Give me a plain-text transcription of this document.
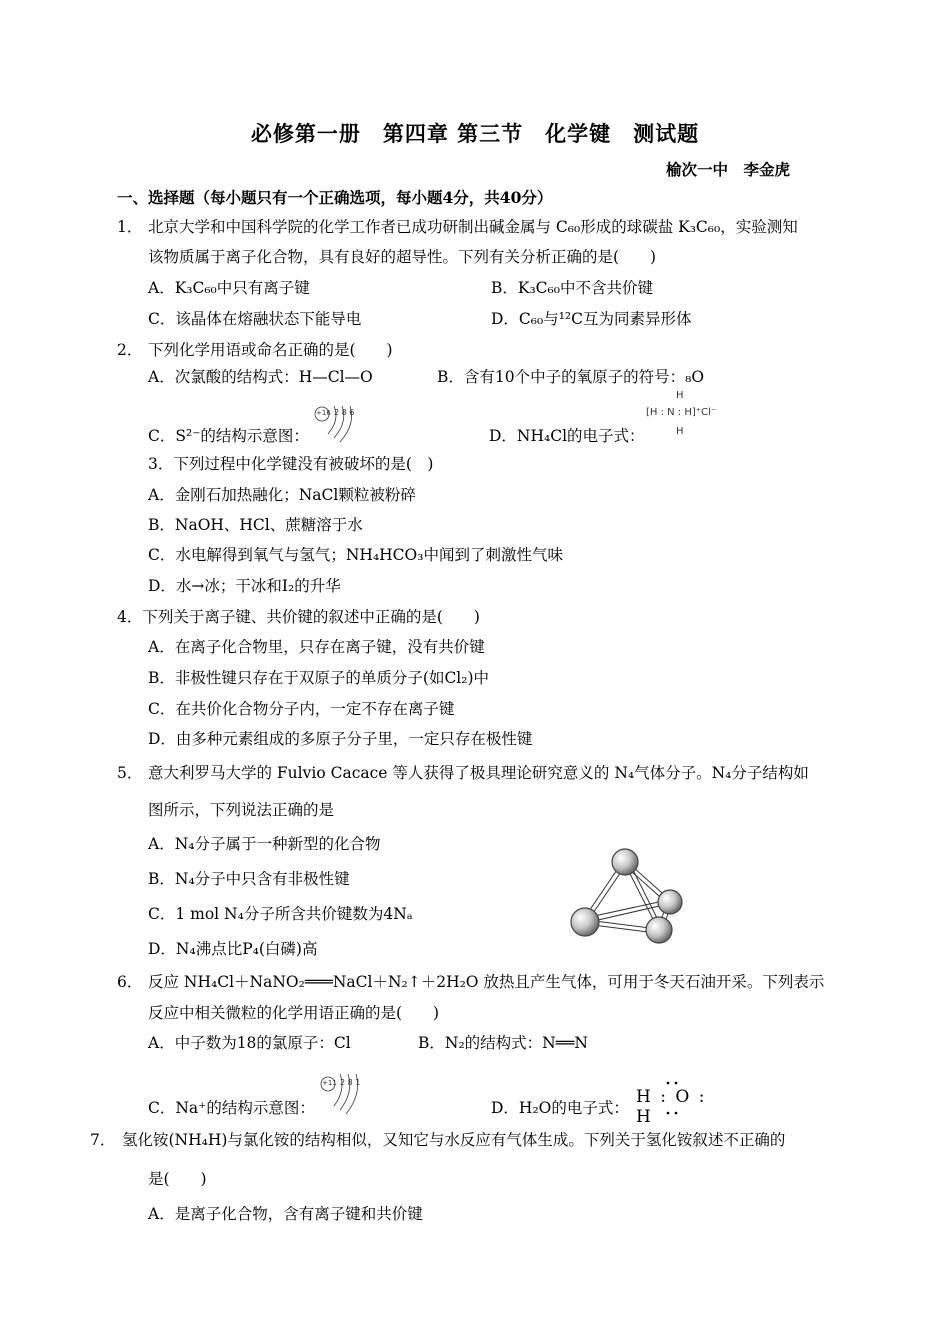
必修第一册　第四章 第三节　化学键　测试题
榆次一中　李金虎
一、选择题（每小题只有一个正确选项，每小题4分，共40分）
1． 北京大学和中国科学院的化学工作者已成功研制出碱金属与 C₆₀形成的球碳盐 K₃C₆₀，实验测知
该物质属于离子化合物，具有良好的超导性。下列有关分析正确的是(　　)
A．K₃C₆₀中只有离子键	B．K₃C₆₀中不含共价键
C．该晶体在熔融状态下能导电	D．C₆₀与¹²C互为同素异形体
2． 下列化学用语或命名正确的是(　　)
A．次氯酸的结构式：H—Cl—O	B．含有10个中子的氧原子的符号：₈O
C．S²⁻的结构示意图：
+16 2 8 6
D．NH₄Cl的电子式：
H
[H : N : H]⁺Cl⁻
H
3．下列过程中化学键没有被破坏的是(　)
A．金刚石加热融化；NaCl颗粒被粉碎
B．NaOH、HCl、蔗糖溶于水
C．水电解得到氧气与氢气；NH₄HCO₃中闻到了刺激性气味
D．水→冰；干冰和I₂的升华
4．下列关于离子键、共价键的叙述中正确的是(　　)
A．在离子化合物里，只存在离子键，没有共价键
B．非极性键只存在于双原子的单质分子(如Cl₂)中
C．在共价化合物分子内，一定不存在离子键
D．由多种元素组成的多原子分子里，一定只存在极性键
5． 意大利罗马大学的 Fulvio Cacace 等人获得了极具理论研究意义的 N₄气体分子。N₄分子结构如
图所示，下列说法正确的是
A．N₄分子属于一种新型的化合物
B．N₄分子中只含有非极性键
C．1 mol N₄分子所含共价键数为4Nₐ
D．N₄沸点比P₄(白磷)高
6． 反应 NH₄Cl＋NaNO₂═══NaCl＋N₂↑＋2H₂O 放热且产生气体，可用于冬天石油开采。下列表示
反应中相关微粒的化学用语正确的是(　　)
A．中子数为18的氯原子：Cl	B．N₂的结构式：N══N
C．Na⁺的结构示意图：
+11 2 8 1
D．H₂O的电子式：
H : O : H
7． 氢化铵(NH₄H)与氯化铵的结构相似，又知它与水反应有气体生成。下列关于氢化铵叙述不正确的
是(　　)
A．是离子化合物，含有离子键和共价键
